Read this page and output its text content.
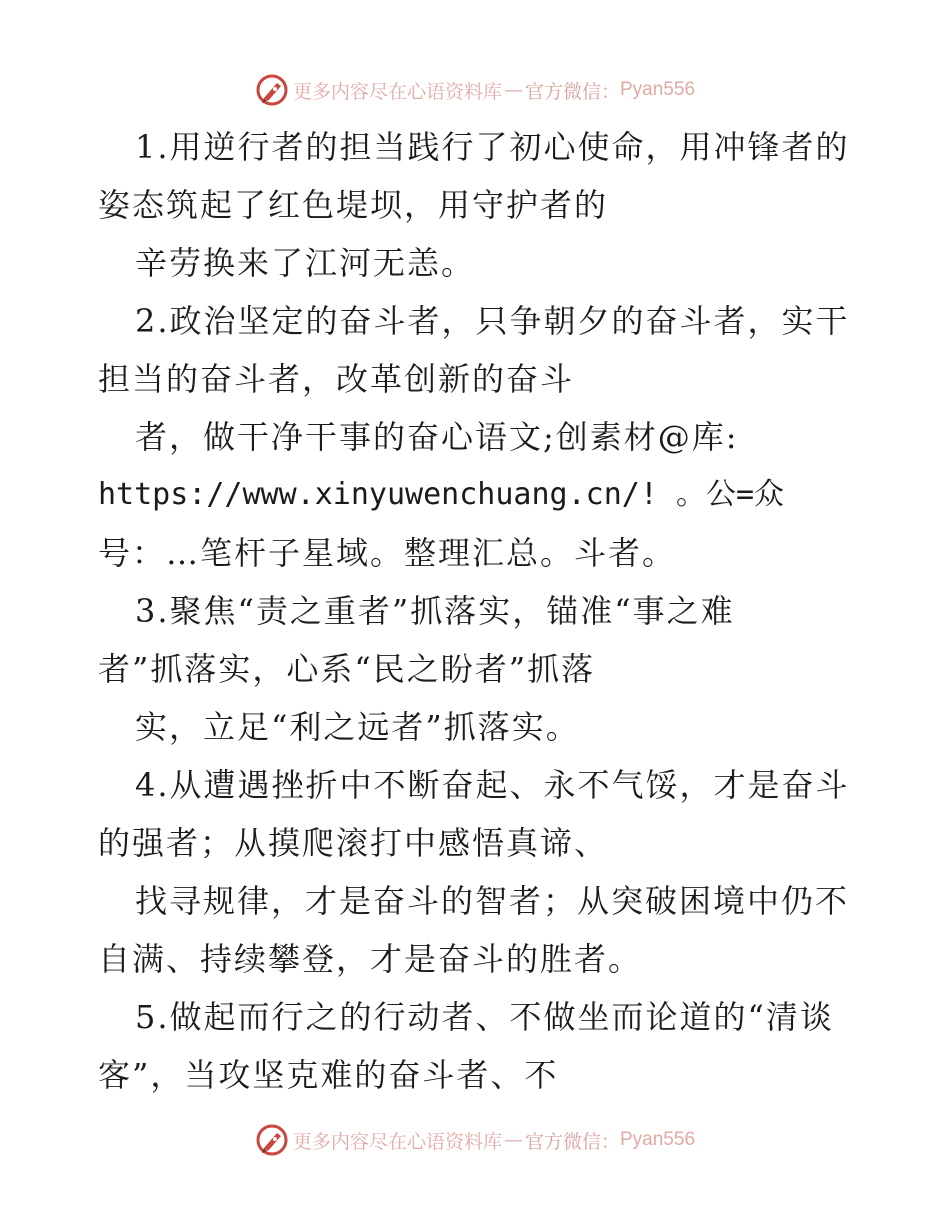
更多内容尽在心语资料库 — 官方微信： Pyan556
1.用逆行者的担当践行了初心使命，用冲锋者的
姿态筑起了红色堤坝，用守护者的
辛劳换来了江河无恙。
2.政治坚定的奋斗者，只争朝夕的奋斗者，实干
担当的奋斗者，改革创新的奋斗
者，做干净干事的奋心语文;创素材@库:
https://www.xinyuwenchuang.cn/! 。公=众
号：…笔杆子星域。整理汇总。斗者。
3.聚焦“责之重者”抓落实，锚准“事之难
者”抓落实，心系“民之盼者”抓落
实，立足“利之远者”抓落实。
4.从遭遇挫折中不断奋起、永不气馁，才是奋斗
的强者；从摸爬滚打中感悟真谛、
找寻规律，才是奋斗的智者；从突破困境中仍不
自满、持续攀登，才是奋斗的胜者。
5.做起而行之的行动者、不做坐而论道的“清谈
客”，当攻坚克难的奋斗者、不
更多内容尽在心语资料库 — 官方微信： Pyan556
